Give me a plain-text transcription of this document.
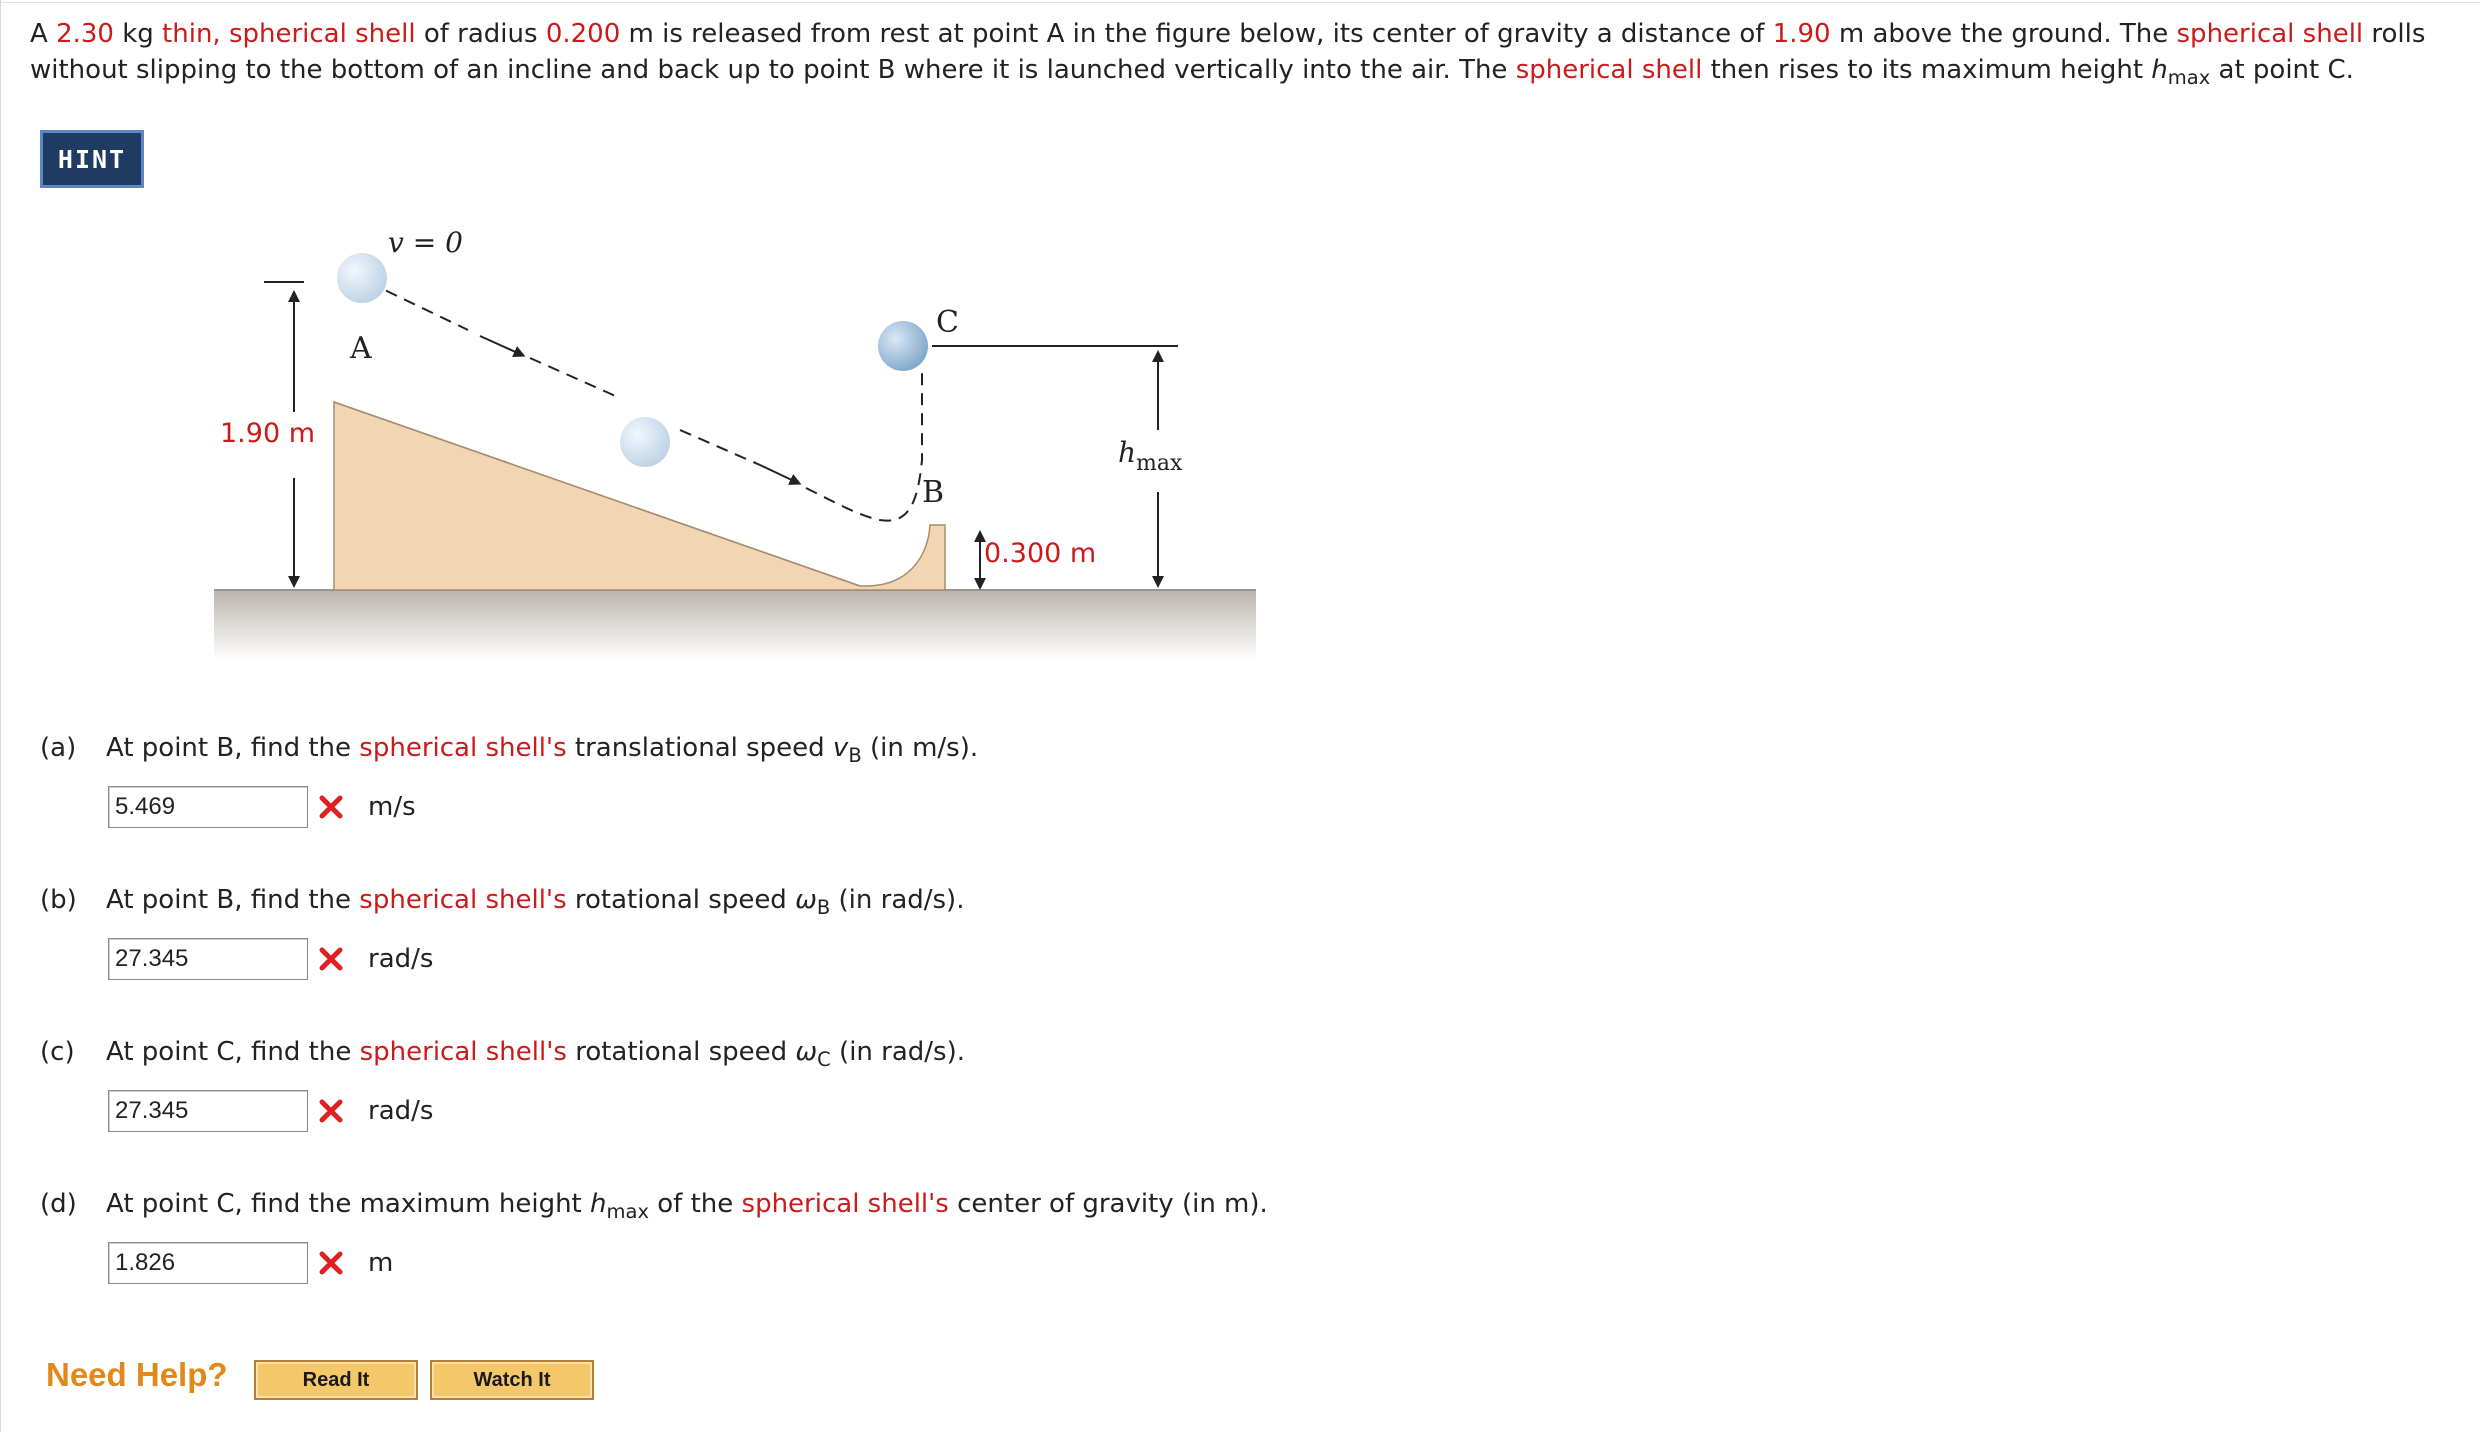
A 2.30 kg thin, spherical shell of radius 0.200 m is released from rest at point A in the figure below, its center of gravity a distance of 1.90 m above the ground. The spherical shell rolls without slipping to the bottom of an incline and back up to point B where it is launched vertically into the air. The spherical shell then rises to its maximum height $h_{max}$ at point C.
HINT
v = 0
A
B
C
1.90 m
0.300 m
$h_{max}$
(a) At point B, find the spherical shell's translational speed $v_B$ (in m/s).
5.469	m/s
(b) At point B, find the spherical shell's rotational speed $\omega_B$ (in rad/s).
27.345	rad/s
(c) At point C, find the spherical shell's rotational speed $\omega_C$ (in rad/s).
27.345	rad/s
(d) At point C, find the maximum height $h_{max}$ of the spherical shell's center of gravity (in m).
1.826	m
Need Help?	Read It	Watch It
